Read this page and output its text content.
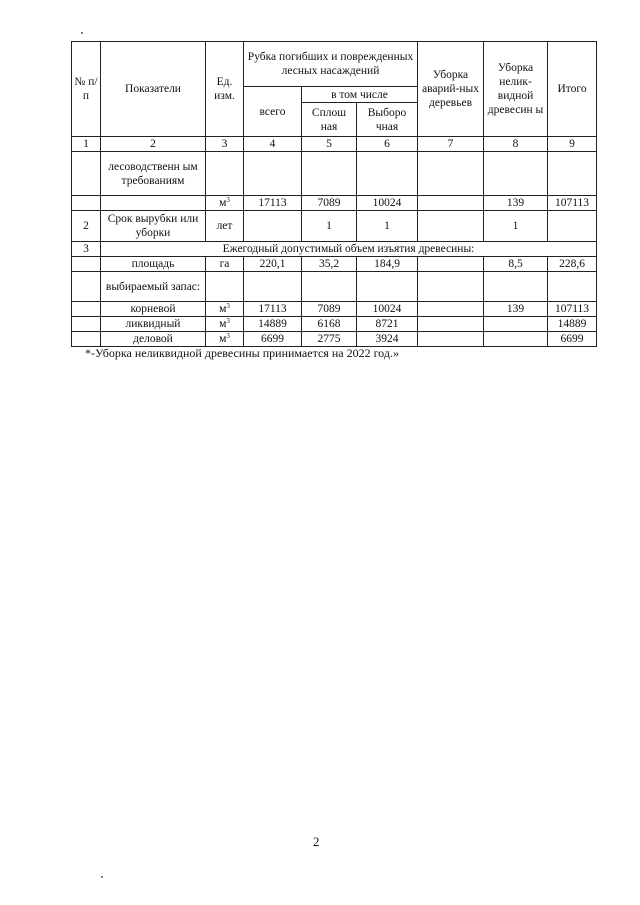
№ п/ п	Показатели	Ед. изм.	Рубка погибших и поврежденных лесных насаждений			Уборка аварий-ных деревьев	Уборка нелик-видной древесин ы	Итого
			всего	в том числе				
				Сплош ная	Выборо чная			
1	2	3	4	5	6	7	8	9
	лесоводственн ым требованиям							
		$м^3$	17113	7089	10024		139	107113
2	Срок вырубки или уборки	лет		1	1		1	
3	Ежегодный допустимый объем изъятия древесины:							
	площадь	га	220,1	35,2	184,9		8,5	228,6
	выбираемый запас:							
	корневой	$м^3$	17113	7089	10024		139	107113
	ликвидный	$м^3$	14889	6168	8721			14889
	деловой	$м^3$	6699	2775	3924			6699
*-Уборка неликвидной древесины принимается на 2022 год.»
2
